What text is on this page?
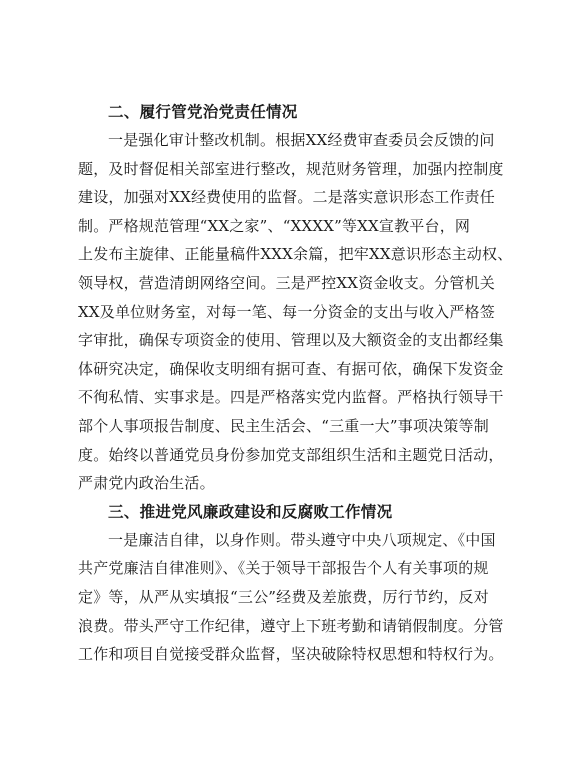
二、履行管党治党责任情况
一是强化审计整改机制。根据XX经费审查委员会反馈的问
题，及时督促相关部室进行整改，规范财务管理，加强内控制度
建设，加强对XX经费使用的监督。二是落实意识形态工作责任
制。严格规范管理“XX之家”、“XXXX”等XX宣教平台，网
上发布主旋律、正能量稿件XXX余篇，把牢XX意识形态主动权、
领导权，营造清朗网络空间。三是严控XX资金收支。分管机关
XX及单位财务室，对每一笔、每一分资金的支出与收入严格签
字审批，确保专项资金的使用、管理以及大额资金的支出都经集
体研究决定，确保收支明细有据可查、有据可依，确保下发资金
不徇私情、实事求是。四是严格落实党内监督。严格执行领导干
部个人事项报告制度、民主生活会、“三重一大”事项决策等制
度。始终以普通党员身份参加党支部组织生活和主题党日活动，
严肃党内政治生活。
三、推进党风廉政建设和反腐败工作情况
一是廉洁自律，以身作则。带头遵守中央八项规定、《中国
共产党廉洁自律准则》、《关于领导干部报告个人有关事项的规
定》等，从严从实填报“三公”经费及差旅费，厉行节约，反对
浪费。带头严守工作纪律，遵守上下班考勤和请销假制度。分管
工作和项目自觉接受群众监督，坚决破除特权思想和特权行为。
